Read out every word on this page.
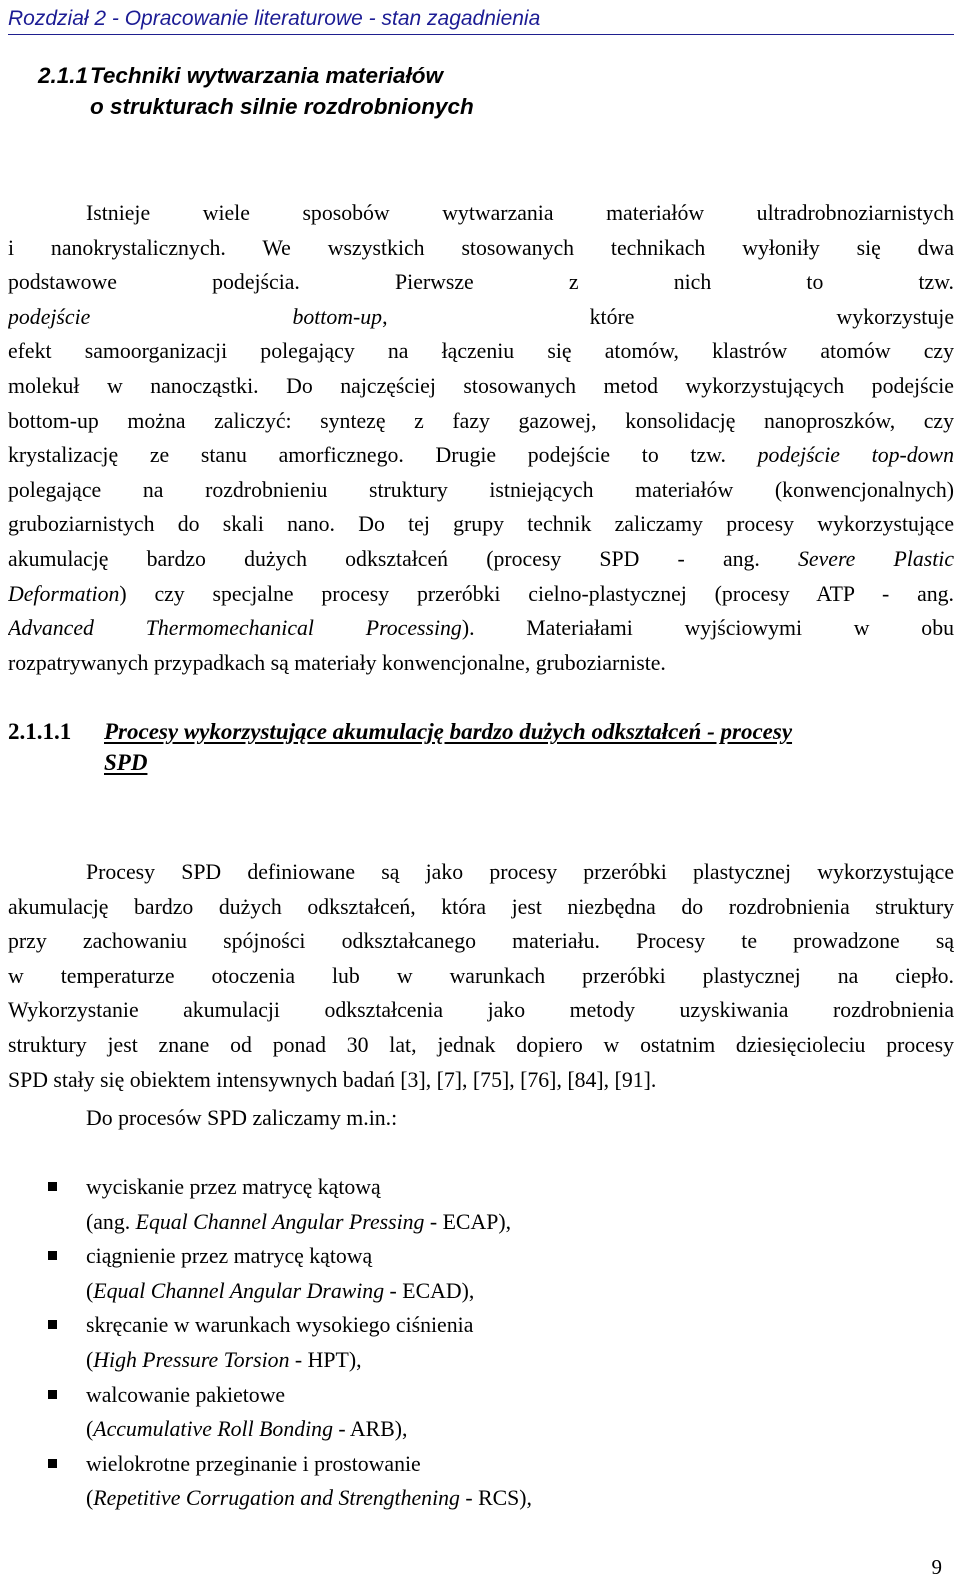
Rozdział 2 - Opracowanie literaturowe - stan zagadnienia
2.1.1 Techniki wytwarzania materiałów
o strukturach silnie rozdrobnionych
Istnieje wiele sposobów wytwarzania materiałów ultradrobnoziarnistych
i nanokrystalicznych. We wszystkich stosowanych technikach wyłoniły się dwa
podstawowe podejścia. Pierwsze z nich to tzw.
podejście bottom-up, które wykorzystuje
efekt samoorganizacji polegający na łączeniu się atomów, klastrów atomów czy
molekuł w nanocząstki. Do najczęściej stosowanych metod wykorzystujących podejście
bottom-up można zaliczyć: syntezę z fazy gazowej, konsolidację nanoproszków, czy
krystalizację ze stanu amorficznego. Drugie podejście to tzw. podejście top-down
polegające na rozdrobnieniu struktury istniejących materiałów (konwencjonalnych)
gruboziarnistych do skali nano. Do tej grupy technik zaliczamy procesy wykorzystujące
akumulację bardzo dużych odkształceń (procesy SPD - ang. Severe Plastic
Deformation) czy specjalne procesy przeróbki cielno-plastycznej (procesy ATP - ang.
Advanced Thermomechanical Processing). Materiałami wyjściowymi w obu
rozpatrywanych przypadkach są materiały konwencjonalne, gruboziarniste.
2.1.1.1	Procesy wykorzystujące akumulację bardzo dużych odkształceń - procesy
SPD
Procesy SPD definiowane są jako procesy przeróbki plastycznej wykorzystujące
akumulację bardzo dużych odkształceń, która jest niezbędna do rozdrobnienia struktury
przy zachowaniu spójności odkształcanego materiału. Procesy te prowadzone są
w temperaturze otoczenia lub w warunkach przeróbki plastycznej na ciepło.
Wykorzystanie akumulacji odkształcenia jako metody uzyskiwania rozdrobnienia
struktury jest znane od ponad 30 lat, jednak dopiero w ostatnim dziesięcioleciu procesy
SPD stały się obiektem intensywnych badań [3], [7], [75], [76], [84], [91].
Do procesów SPD zaliczamy m.in.:
wyciskanie przez matrycę kątową
(ang. Equal Channel Angular Pressing - ECAP),
ciągnienie przez matrycę kątową
(Equal Channel Angular Drawing - ECAD),
skręcanie w warunkach wysokiego ciśnienia
(High Pressure Torsion - HPT),
walcowanie pakietowe
(Accumulative Roll Bonding - ARB),
wielokrotne przeginanie i prostowanie
(Repetitive Corrugation and Strengthening - RCS),
9
